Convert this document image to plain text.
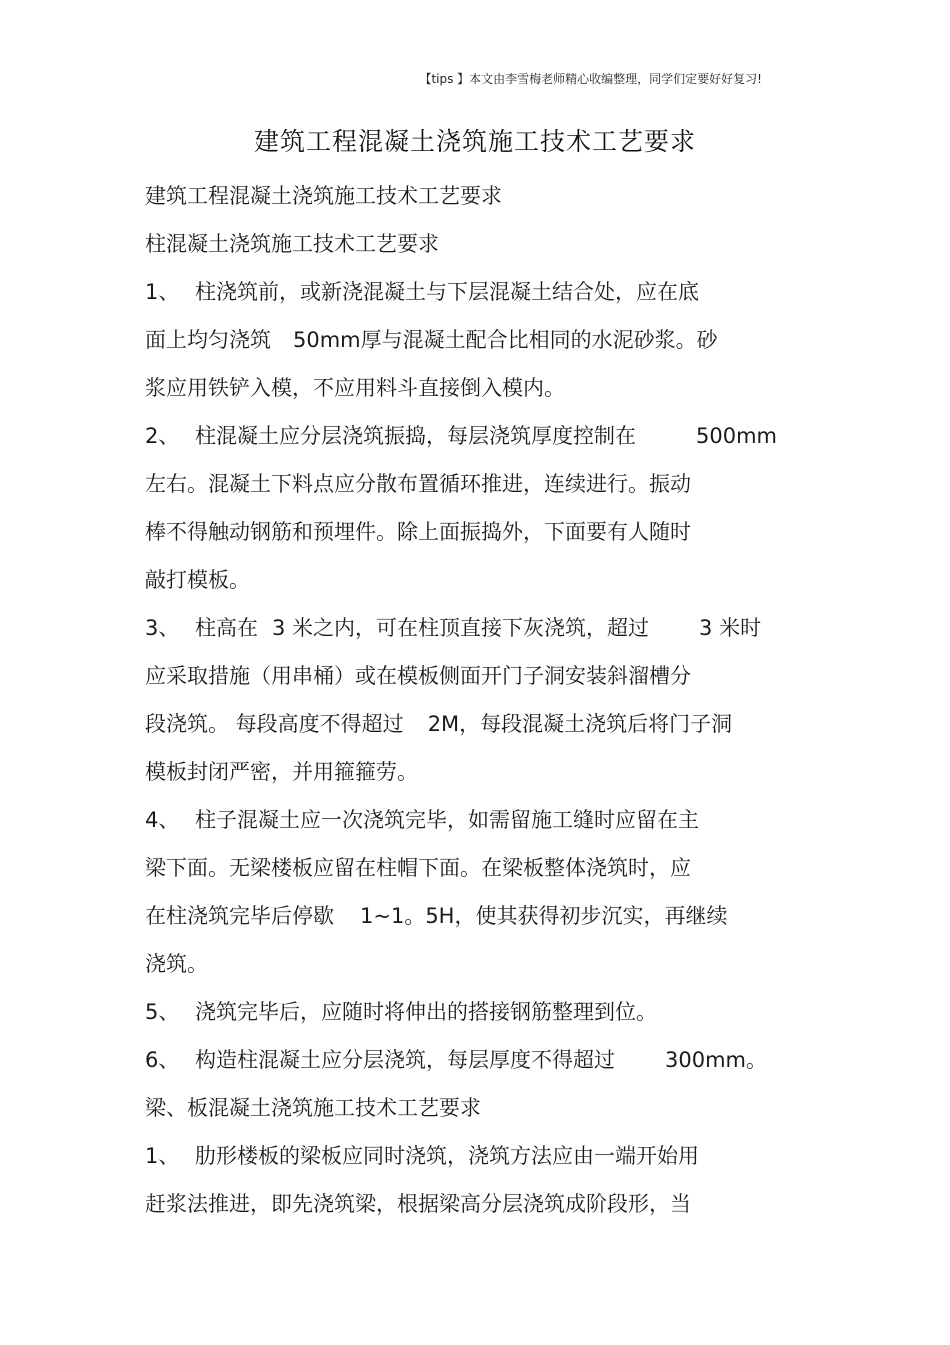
【tips 】本文由李雪梅老师精心收编整理，同学们定要好好复习!
建筑工程混凝土浇筑施工技术工艺要求
建筑工程混凝土浇筑施工技术工艺要求
柱混凝土浇筑施工技术工艺要求
1、 柱浇筑前，或新浇混凝土与下层混凝土结合处，应在底
面上均匀浇筑 50mm厚与混凝土配合比相同的水泥砂浆。砂
浆应用铁铲入模，不应用料斗直接倒入模内。
2、 柱混凝土应分层浇筑振捣，每层浇筑厚度控制在	500mm
左右。混凝土下料点应分散布置循环推进，连续进行。振动
棒不得触动钢筋和预埋件。除上面振捣外，下面要有人随时
敲打模板。
3、 柱高在 3 米之内，可在柱顶直接下灰浇筑，超过 3 米时
应采取措施（用串桶）或在模板侧面开门子洞安装斜溜槽分
段浇筑。 每段高度不得超过 2M，每段混凝土浇筑后将门子洞
模板封闭严密，并用箍箍劳。
4、 柱子混凝土应一次浇筑完毕，如需留施工缝时应留在主
梁下面。无梁楼板应留在柱帽下面。在梁板整体浇筑时，应
在柱浇筑完毕后停歇 1~1。5H，使其获得初步沉实，再继续
浇筑。
5、 浇筑完毕后，应随时将伸出的搭接钢筋整理到位。
6、 构造柱混凝土应分层浇筑，每层厚度不得超过 300mm。
梁、板混凝土浇筑施工技术工艺要求
1、 肋形楼板的梁板应同时浇筑，浇筑方法应由一端开始用
赶浆法推进，即先浇筑梁，根据梁高分层浇筑成阶段形，当
